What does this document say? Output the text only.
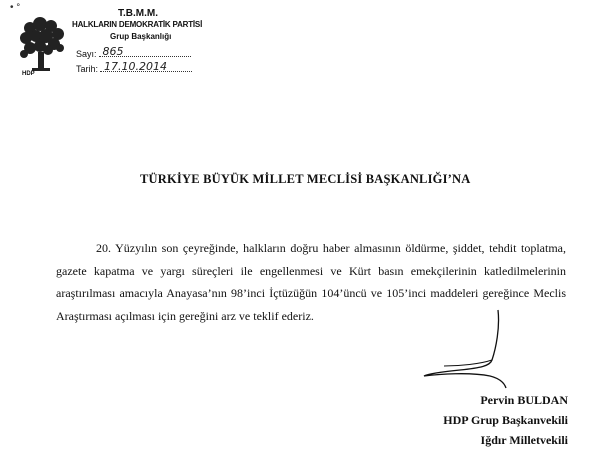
• ᐤ
HDP
T.B.M.M.
HALKLARIN DEMOKRATİK PARTİSİ
Grup Başkanlığı
Sayı: 865
Tarih: 17.10.2014
TÜRKİYE BÜYÜK MİLLET MECLİSİ BAŞKANLIĞI’NA
20. Yüzyılın son çeyreğinde, halkların doğru haber almasının öldürme, şiddet, tehdit toplatma, gazete kapatma ve yargı süreçleri ile engellenmesi ve Kürt basın emekçilerinin katledilmelerinin araştırılması amacıyla Anayasa’nın 98’inci İçtüzüğün 104’üncü ve 105’inci maddeleri gereğince Meclis Araştırması açılması için gereğini arz ve teklif ederiz.
Pervin BULDAN
HDP Grup Başkanvekili
Iğdır Milletvekili
